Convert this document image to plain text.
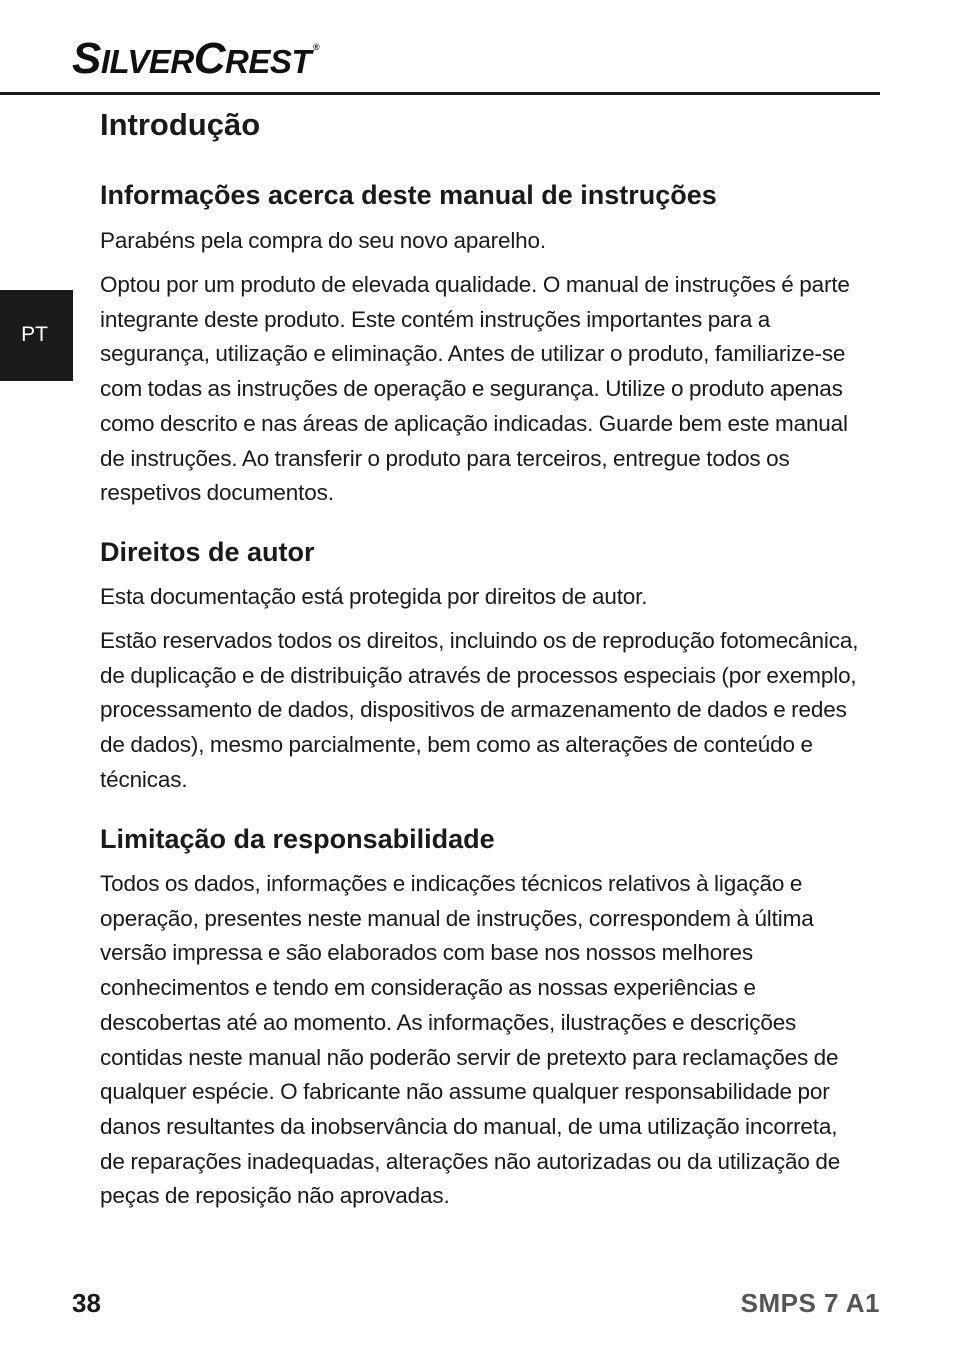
SILVERCREST ®
PT
Introdução
Informações acerca deste manual de instruções

Parabéns pela compra do seu novo aparelho.

Optou por um produto de elevada qualidade. O manual de instruções é parte integrante deste produto. Este contém instruções importantes para a segurança, utilização e eliminação. Antes de utilizar o produto, familiarize-se com todas as instruções de operação e segurança. Utilize o produto apenas como descrito e nas áreas de aplicação indicadas. Guarde bem este manual de instruções. Ao transferir o produto para terceiros, entregue todos os respetivos documentos.

Direitos de autor

Esta documentação está protegida por direitos de autor.

Estão reservados todos os direitos, incluindo os de reprodução fotomecânica, de duplicação e de distribuição através de processos especiais (por exemplo, processamento de dados, dispositivos de armazenamento de dados e redes de dados), mesmo parcialmente, bem como as alterações de conteúdo e técnicas.

Limitação da responsabilidade

Todos os dados, informações e indicações técnicos relativos à ligação e operação, presentes neste manual de instruções, correspondem à última versão impressa e são elaborados com base nos nossos melhores conhecimentos e tendo em consideração as nossas experiências e descobertas até ao momento. As informações, ilustrações e descrições contidas neste manual não poderão servir de pretexto para reclamações de qualquer espécie. O fabricante não assume qualquer responsabilidade por danos resultantes da inobservância do manual, de uma utilização incorreta, de reparações inadequadas, alterações não autorizadas ou da utilização de peças de reposição não aprovadas.

38	SMPS 7 A1
